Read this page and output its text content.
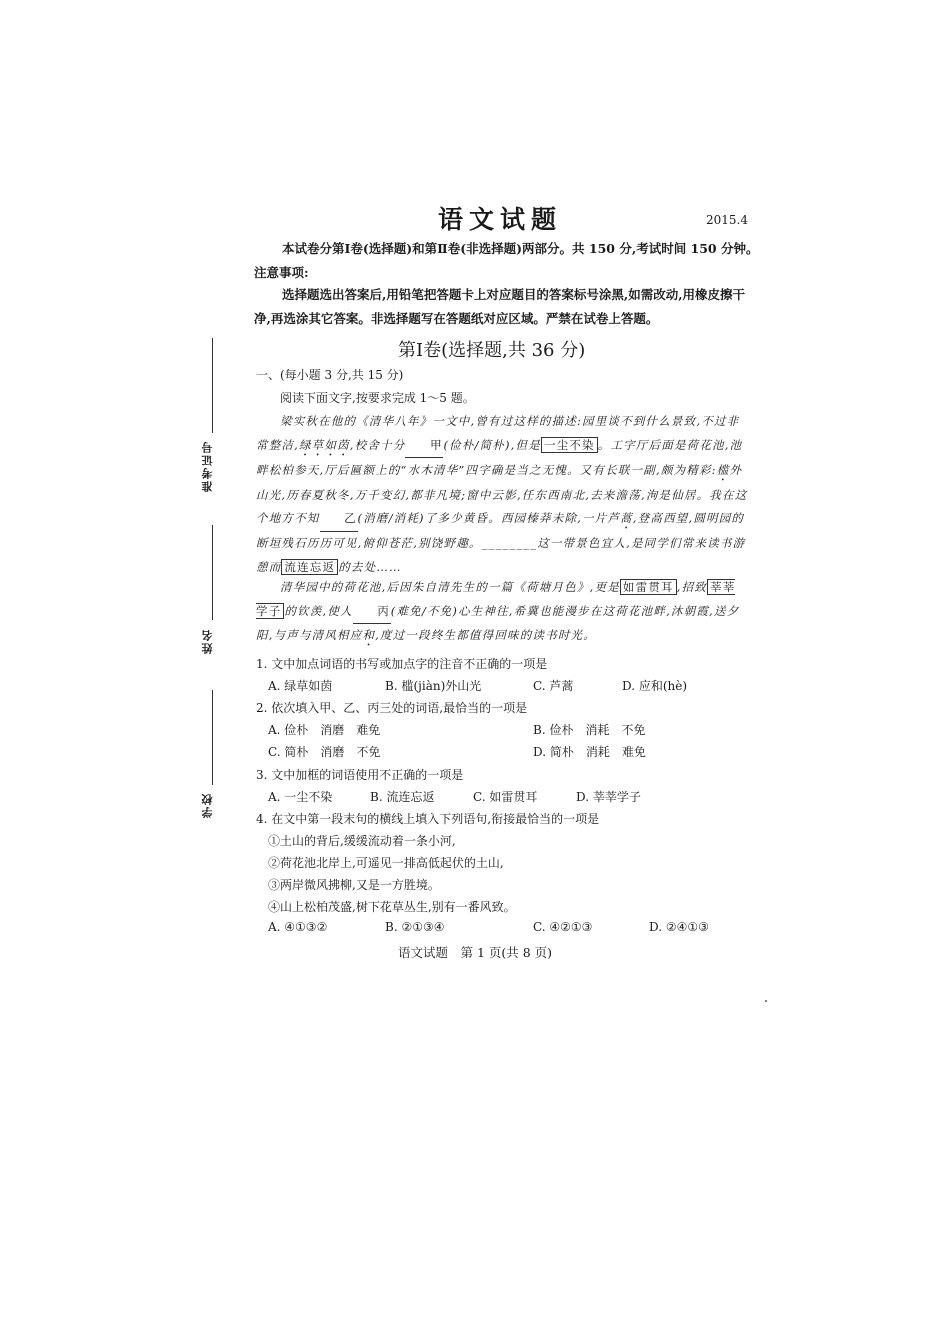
准考证号
姓名
学校
语文试题	2015.4
本试卷分第Ⅰ卷(选择题)和第Ⅱ卷(非选择题)两部分。共 150 分,考试时间 150 分钟。
注意事项:
选择题选出答案后,用铅笔把答题卡上对应题目的答案标号涂黑,如需改动,用橡皮擦干净,再选涂其它答案。非选择题写在答题纸对应区域。严禁在试卷上答题。
第Ⅰ卷(选择题,共 36 分)
一、(每小题 3 分,共 15 分)
阅读下面文字,按要求完成 1～5 题。
梁实秋在他的《清华八年》一文中,曾有过这样的描述:园里谈不到什么景致,不过非常整洁,绿草如茵,校舍十分 甲(俭朴/简朴),但是 一尘不染 。工字厅后面是荷花池,池畔松柏参天,厅后匾额上的“水木清华”四字确是当之无愧。又有长联一副,颇为精彩:槛外山光,历春夏秋冬,万千变幻,都非凡境;窗中云影,任东西南北,去来澹荡,洵是仙居。我在这个地方不知 乙(消磨/消耗)了多少黄昏。西园榛莽未除,一片芦蒿,登高西望,圆明园的断垣残石历历可见,俯仰苍茫,别饶野趣。________这一带景色宜人,是同学们常来读书游憩而 流连忘返 的去处……
清华园中的荷花池,后因朱自清先生的一篇《荷塘月色》,更是 如雷贯耳 ,招致 莘莘学子 的钦羡,使人 丙(难免/不免)心生神往,希冀也能漫步在这荷花池畔,沐朝霞,送夕阳,与声与清风相应和,度过一段终生都值得回味的读书时光。
1. 文中加点词语的书写或加点字的注音不正确的一项是
A. 绿草如茵	B. 槛(jiàn)外山光	C. 芦蒿	D. 应和(hè)
2. 依次填入甲、乙、丙三处的词语,最恰当的一项是
A. 俭朴　消磨　难免	B. 俭朴　消耗　不免
C. 简朴　消磨　不免	D. 简朴　消耗　难免
3. 文中加框的词语使用不正确的一项是
A. 一尘不染	B. 流连忘返	C. 如雷贯耳	D. 莘莘学子
4. 在文中第一段末句的横线上填入下列语句,衔接最恰当的一项是
①土山的背后,缓缓流动着一条小河,
②荷花池北岸上,可遥见一排高低起伏的土山,
③两岸微风拂柳,又是一方胜境。
④山上松柏茂盛,树下花草丛生,别有一番风致。
A. ④①③②	B. ②①③④	C. ④②①③	D. ②④①③
语文试题　第 1 页(共 8 页)
